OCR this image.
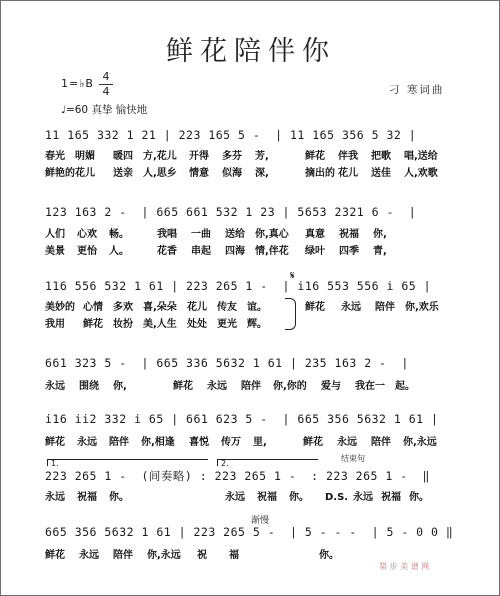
鲜花陪伴你
1=♭B
4
4
♩=60 真挚 愉快地
刁 寒词曲
11 165 332 1 21 | 223 165 5 -  | 11 165 356 5 32 |
春光 明媚 暖四 方,花儿 开得 多芬 芳,	鲜花 伴我 把歌 唱,送给
鲜艳的花儿 送亲 人,思乡 情意 似海 深,	摘出的 花儿 送佳 人,欢歌
123 163 2 -  | 665 661 532 1 23 | 5653 2321 6 -  |
人们 心欢 畅。	我唱 一曲 送给 你,真心 真意 祝福 你,
美景 更怡 人。	花香 串起 四海 情,伴花 绿叶 四季 青,
𝄋
116 556 532 1 61 | 223 265 1 -  | i16 553 556 i 65 |
美妙的 心情 多欢 喜,朵朵 花儿 传友 谊。	鲜花 永远 陪伴 你,欢乐
我用 鲜花 妆扮 美,人生 处处 更光 辉。
661 323 5 -  | 665 336 5632 1 61 | 235 163 2 -  |
永远 围绕 你,	鲜花 永远 陪伴 你,你的 爱与 我在一 起。
i16 ii2 332 i 65 | 661 623 5 -  | 665 356 5632 1 61 |
鲜花 永远 陪伴 你,相逢 喜悦 传万 里,	鲜花 永远 陪伴 你,永远
1.	2.
结束句
223 265 1 -  (间奏略) : 223 265 1 -  : 223 265 1 -  ‖
永远 祝福 你。	永远 祝福 你。 D.S. 永远 祝福 你。
渐慢
665 356 5632 1 61 | 223 265 5 -  | 5 - - -  | 5 - 0 0 ‖
鲜花 永远 陪伴 你,永远 祝 福	你。
第 步 美 谱 网
